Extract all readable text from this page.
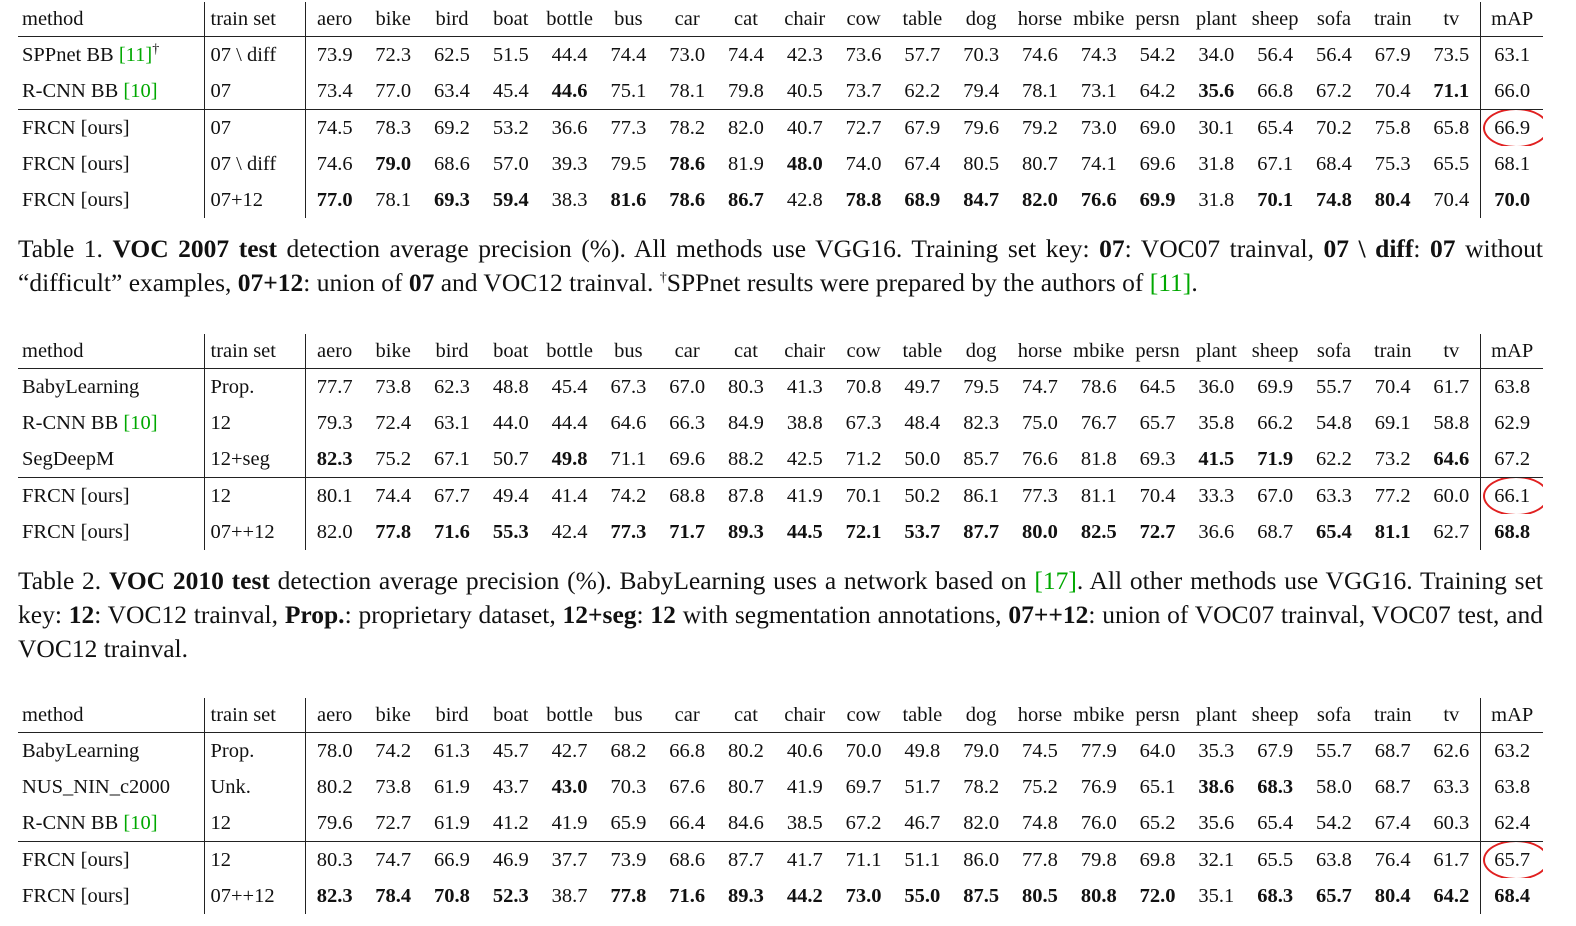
method	train set	aero	bike	bird	boat	bottle	bus	car	cat	chair	cow	table	dog	horse	mbike	persn	plant	sheep	sofa	train	tv	mAP
SPPnet BB [11]†	07 \ diff	73.9	72.3	62.5	51.5	44.4	74.4	73.0	74.4	42.3	73.6	57.7	70.3	74.6	74.3	54.2	34.0	56.4	56.4	67.9	73.5	63.1
R-CNN BB [10]	07	73.4	77.0	63.4	45.4	44.6	75.1	78.1	79.8	40.5	73.7	62.2	79.4	78.1	73.1	64.2	35.6	66.8	67.2	70.4	71.1	66.0
FRCN [ours]	07	74.5	78.3	69.2	53.2	36.6	77.3	78.2	82.0	40.7	72.7	67.9	79.6	79.2	73.0	69.0	30.1	65.4	70.2	75.8	65.8	66.9

FRCN [ours]	07 \ diff	74.6	79.0	68.6	57.0	39.3	79.5	78.6	81.9	48.0	74.0	67.4	80.5	80.7	74.1	69.6	31.8	67.1	68.4	75.3	65.5	68.1
FRCN [ours]	07+12	77.0	78.1	69.3	59.4	38.3	81.6	78.6	86.7	42.8	78.8	68.9	84.7	82.0	76.6	69.9	31.8	70.1	74.8	80.4	70.4	70.0
Table 1. VOC 2007 test detection average precision (%). All methods use VGG16. Training set key: 07: VOC07 trainval, 07 \ diff: 07 without “difficult” examples, 07+12: union of 07 and VOC12 trainval. †SPPnet results were prepared by the authors of [11].
method	train set	aero	bike	bird	boat	bottle	bus	car	cat	chair	cow	table	dog	horse	mbike	persn	plant	sheep	sofa	train	tv	mAP
BabyLearning	Prop.	77.7	73.8	62.3	48.8	45.4	67.3	67.0	80.3	41.3	70.8	49.7	79.5	74.7	78.6	64.5	36.0	69.9	55.7	70.4	61.7	63.8
R-CNN BB [10]	12	79.3	72.4	63.1	44.0	44.4	64.6	66.3	84.9	38.8	67.3	48.4	82.3	75.0	76.7	65.7	35.8	66.2	54.8	69.1	58.8	62.9
SegDeepM	12+seg	82.3	75.2	67.1	50.7	49.8	71.1	69.6	88.2	42.5	71.2	50.0	85.7	76.6	81.8	69.3	41.5	71.9	62.2	73.2	64.6	67.2
FRCN [ours]	12	80.1	74.4	67.7	49.4	41.4	74.2	68.8	87.8	41.9	70.1	50.2	86.1	77.3	81.1	70.4	33.3	67.0	63.3	77.2	60.0	66.1

FRCN [ours]	07++12	82.0	77.8	71.6	55.3	42.4	77.3	71.7	89.3	44.5	72.1	53.7	87.7	80.0	82.5	72.7	36.6	68.7	65.4	81.1	62.7	68.8
Table 2. VOC 2010 test detection average precision (%). BabyLearning uses a network based on [17]. All other methods use VGG16. Training set key: 12: VOC12 trainval, Prop.: proprietary dataset, 12+seg: 12 with segmentation annotations, 07++12: union of VOC07 trainval, VOC07 test, and VOC12 trainval.
method	train set	aero	bike	bird	boat	bottle	bus	car	cat	chair	cow	table	dog	horse	mbike	persn	plant	sheep	sofa	train	tv	mAP
BabyLearning	Prop.	78.0	74.2	61.3	45.7	42.7	68.2	66.8	80.2	40.6	70.0	49.8	79.0	74.5	77.9	64.0	35.3	67.9	55.7	68.7	62.6	63.2
NUS_NIN_c2000	Unk.	80.2	73.8	61.9	43.7	43.0	70.3	67.6	80.7	41.9	69.7	51.7	78.2	75.2	76.9	65.1	38.6	68.3	58.0	68.7	63.3	63.8
R-CNN BB [10]	12	79.6	72.7	61.9	41.2	41.9	65.9	66.4	84.6	38.5	67.2	46.7	82.0	74.8	76.0	65.2	35.6	65.4	54.2	67.4	60.3	62.4
FRCN [ours]	12	80.3	74.7	66.9	46.9	37.7	73.9	68.6	87.7	41.7	71.1	51.1	86.0	77.8	79.8	69.8	32.1	65.5	63.8	76.4	61.7	65.7

FRCN [ours]	07++12	82.3	78.4	70.8	52.3	38.7	77.8	71.6	89.3	44.2	73.0	55.0	87.5	80.5	80.8	72.0	35.1	68.3	65.7	80.4	64.2	68.4
